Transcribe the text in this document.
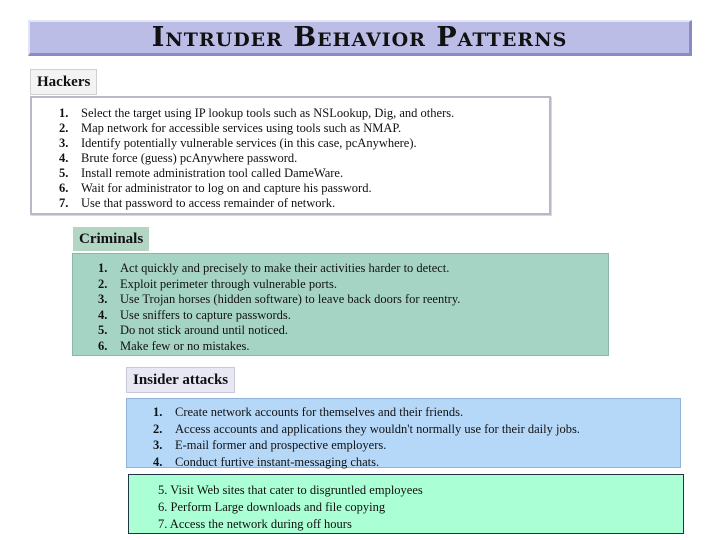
Intruder Behavior Patterns
Hackers
1.	Select the target using IP lookup tools such as NSLookup, Dig, and others.
2.	Map network for accessible services using tools such as NMAP.
3.	Identify potentially vulnerable services (in this case, pcAnywhere).
4.	Brute force (guess) pcAnywhere password.
5.	Install remote administration tool called DameWare.
6.	Wait for administrator to log on and capture his password.
7.	Use that password to access remainder of network.
Criminals
1.	Act quickly and precisely to make their activities harder to detect.
2.	Exploit perimeter through vulnerable ports.
3.	Use Trojan horses (hidden software) to leave back doors for reentry.
4.	Use sniffers to capture passwords.
5.	Do not stick around until noticed.
6.	Make few or no mistakes.
Insider attacks
1.	Create network accounts for themselves and their friends.
2.	Access accounts and applications they wouldn't normally use for their daily jobs.
3.	E-mail former and prospective employers.
4.	Conduct furtive instant-messaging chats.
5. Visit Web sites that cater to disgruntled employees
6. Perform Large downloads and file copying
7. Access the network during off hours
